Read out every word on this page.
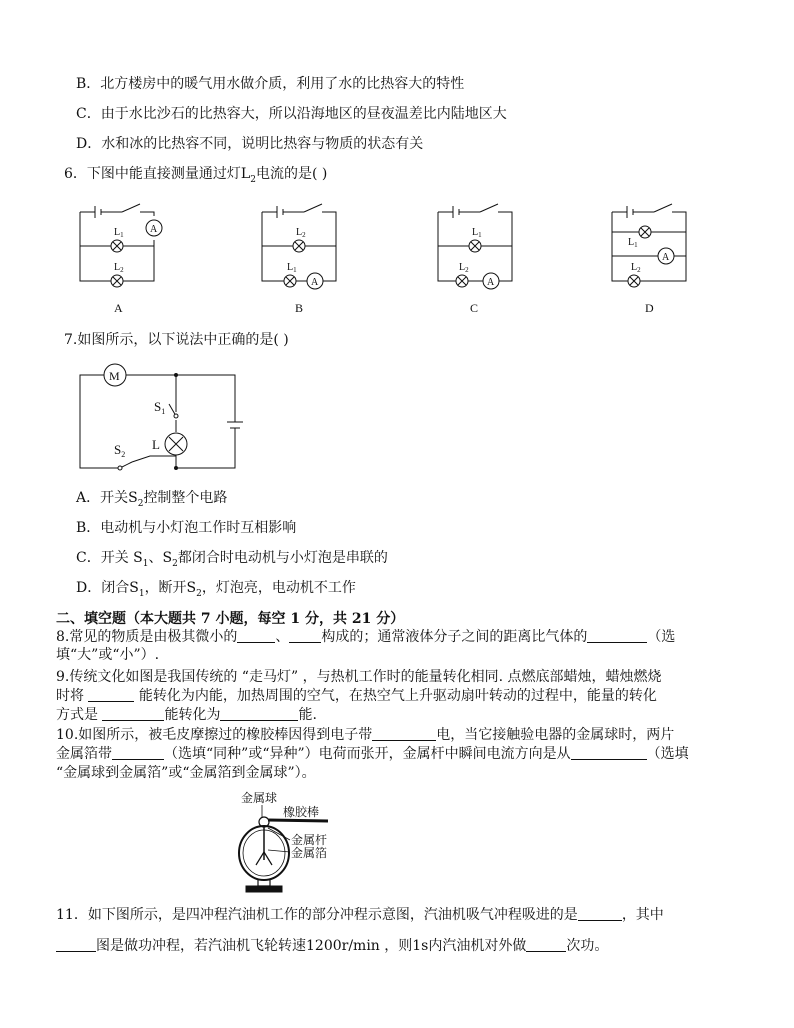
B．北方楼房中的暖气用水做介质，利用了水的比热容大的特性
C．由于水比沙石的比热容大，所以沿海地区的昼夜温差比内陆地区大
D．水和冰的比热容不同，说明比热容与物质的状态有关
6．下图中能直接测量通过灯$L_2$电流的是( )
$L_1$
$L_2$
A
A
$L_2$
$L_1$
A
B
$L_1$
$L_2$
A
C
$L_1$
$L_2$
A
D
7.如图所示，以下说法中正确的是( )
M
$S_1$
L
$S_2$
A．开关$S_2$控制整个电路
B．电动机与小灯泡工作时互相影响
C．开关 $S_1$、$S_2$都闭合时电动机与小灯泡是串联的
D．闭合$S_1$，断开$S_2$，灯泡亮，电动机不工作
二、填空题（本大题共 7 小题，每空 1 分，共 21 分）
8.常见的物质是由极其微小的	、 构成的；通常液体分子之间的距离比气体的	（选
填“大”或“小”）.
9.传统文化如图是我国传统的 “走马灯” ，与热机工作时的能量转化相同. 点燃底部蜡烛，蜡烛燃烧
时将	能转化为内能，加热周围的空气，在热空气上升驱动扇叶转动的过程中，能量的转化
方式是	能转化为	能.
10.如图所示，被毛皮摩擦过的橡胶棒因得到电子带	电，当它接触验电器的金属球时，两片
金属箔带	（选填“同种”或“异种”）电荷而张开，金属杆中瞬间电流方向是从	（选填
“金属球到金属箔”或“金属箔到金属球”）。
金属球
橡胶棒
金属杆
金属箔
11．如下图所示，是四冲程汽油机工作的部分冲程示意图，汽油机吸气冲程吸进的是	，其中
图是做功冲程，若汽油机飞轮转速1200r/min ，则1s内汽油机对外做	次功。
